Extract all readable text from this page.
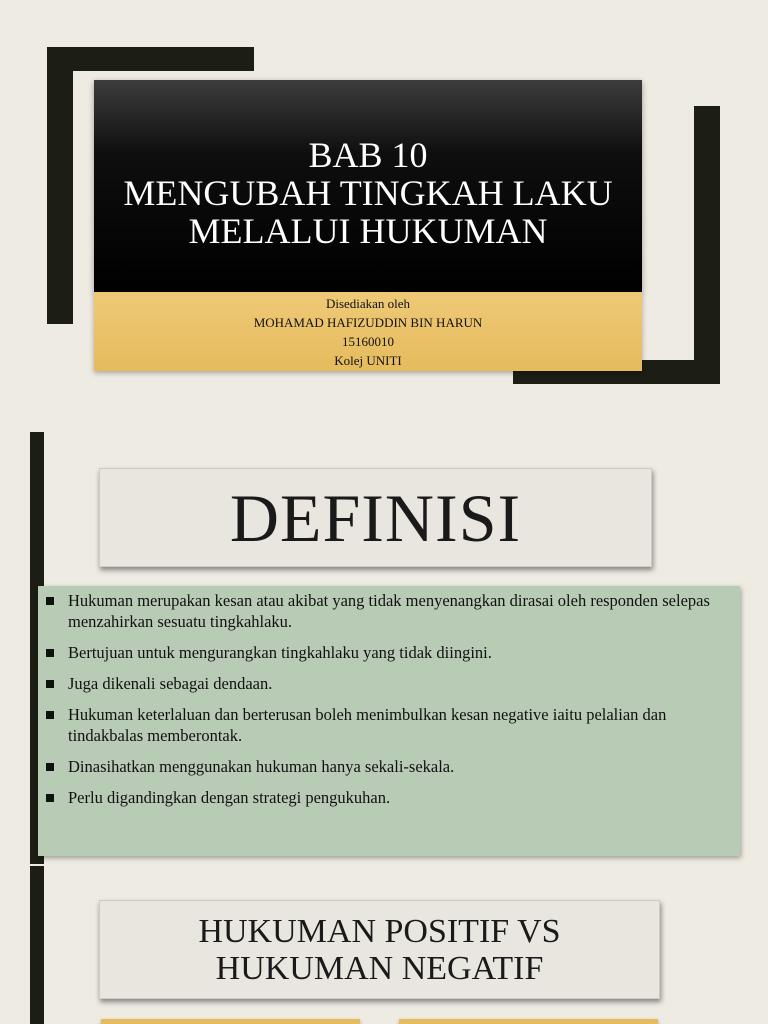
BAB 10
MENGUBAH TINGKAH LAKU
MELALUI HUKUMAN
Disediakan oleh
MOHAMAD HAFIZUDDIN BIN HARUN
15160010
Kolej UNITI
DEFINISI
Hukuman merupakan kesan atau akibat yang tidak menyenangkan dirasai oleh responden selepas menzahirkan sesuatu tingkahlaku.
Bertujuan untuk mengurangkan tingkahlaku yang tidak diingini.
Juga dikenali sebagai dendaan.
Hukuman keterlaluan dan berterusan boleh menimbulkan kesan negative iaitu pelalian dan tindakbalas memberontak.
Dinasihatkan menggunakan hukuman hanya sekali-sekala.
Perlu digandingkan dengan strategi pengukuhan.
HUKUMAN POSITIF VS
HUKUMAN NEGATIF
